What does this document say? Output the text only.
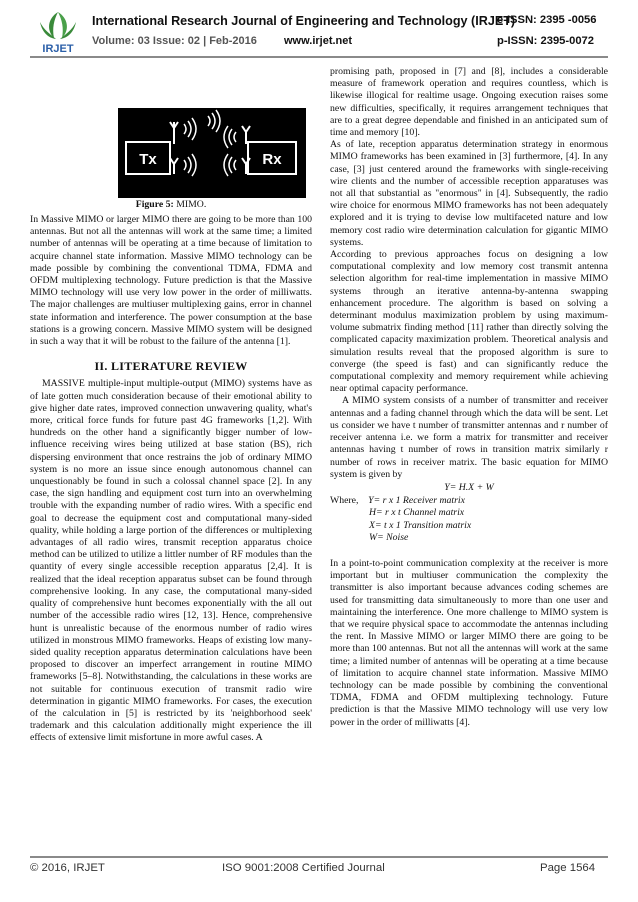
IRJET
International Research Journal of Engineering and Technology (IRJET)
e-ISSN: 2395 -0056
Volume: 03 Issue: 02 | Feb-2016 www.irjet.net	p-ISSN: 2395-0072
Tx	Rx
Figure 5: MIMO.

In Massive MIMO or larger MIMO there are going to be more than 100 antennas. But not all the antennas will work at the same time; a limited number of antennas will be operating at a time because of limitation to acquire channel state information. Massive MIMO technology can be made possible by combining the conventional TDMA, FDMA and OFDM multiplexing technology. Future prediction is that the Massive MIMO technology will use very low power in the order of milliwatts. The major challenges are multiuser multiplexing gains, error in channel state information and interference. The power consumption at the base stations is a growing concern. Massive MIMO system will be designed in such a way that it will be robust to the failure of the antenna [1].

II. LITERATURE REVIEW

MASSIVE multiple-input multiple-output (MIMO) systems have as of late gotten much consideration because of their emotional ability to give higher date rates, improved connection unwavering quality, what's more, critical force funds for future past 4G frameworks [1,2]. With hundreds on the other hand a significantly bigger number of low-influence receiving wires being utilized at base station (BS), rich dispersing environment that once restrains the job of ordinary MIMO system is no more an issue since enough autonomous channel can unquestionably be found in such a colossal channel space [2]. In any case, the sign handling and equipment cost turn into an overwhelming trouble with the expanding number of radio wires. With a specific end goal to decrease the equipment cost and computational many-sided quality, while holding a large portion of the differences or multiplexing advantages of all radio wires, transmit reception apparatus choice method can be utilized to utilize a littler number of RF modules than the quantity of every single accessible reception apparatus [2,4]. It is realized that the ideal reception apparatus subset can be found through comprehensive looking. In any case, the computational many-sided quality of comprehensive hunt becomes exponentially with the all out number of the accessible radio wires [12, 13]. Hence, comprehensive hunt is unrealistic because of the enormous number of radio wires utilized in monstrous MIMO frameworks. Heaps of existing low many-sided quality reception apparatus determination calculations have been proposed to discover an imperfect arrangement in routine MIMO frameworks [5–8]. Notwithstanding, the calculations in these works are not suitable for continuous execution of transmit radio wire determination in gigantic MIMO frameworks. For cases, the execution of the calculation in [5] is restricted by its 'neighborhood seek' trademark and this calculation additionally might experience the ill effects of extensive limit misfortune in more awful cases. A

promising path, proposed in [7] and [8], includes a considerable measure of framework operation and requires countless, which is likewise illogical for realtime usage. Ongoing execution raises some new difficulties, specifically, it requires arrangement techniques that are to a great degree dependable and finished in an anticipated sum of time and memory [10].

As of late, reception apparatus determination strategy in enormous MIMO frameworks has been examined in [3] furthermore, [4]. In any case, [3] just centered around the frameworks with single-receiving wire clients and the number of accessible reception apparatuses was not all that substantial as "enormous" in [4]. Subsequently, the radio wire choice for enormous MIMO frameworks has not been adequately explored and it is trying to devise low multifaceted nature and low memory cost radio wire determination calculation for gigantic MIMO systems.

According to previous approaches focus on designing a low computational complexity and low memory cost transmit antenna selection algorithm for real-time implementation in massive MIMO systems through an iterative antenna-by-antenna swapping enhancement procedure. The algorithm is based on solving a determinant modulus maximization problem by using maximum-volume submatrix finding method [11] rather than directly solving the complicated capacity maximization problem. Theoretical analysis and simulation results reveal that the proposed algorithm is sure to converge (the speed is fast) and can significantly reduce the computational complexity and memory requirement while achieving near optimal capacity performance.

A MIMO system consists of a number of transmitter and receiver antennas and a fading channel through which the data will be sent. Let us consider we have t number of transmitter antennas and r number of receiver antenna i.e. we form a matrix for transmitter and receiver antennas having t number of rows in transition matrix similarly r number of rows in receiver matrix. The basic equation for MIMO system is given by

Y= H.X + W
Where, Y= r x 1 Receiver matrix
H= r x t Channel matrix
X= t x 1 Transition matrix
W= Noise

In a point-to-point communication complexity at the receiver is more important but in multiuser communication the complexity the transmitter is also important because advances coding schemes are used for transmitting data simultaneously to more than one user and maintaining the interference. One more challenge to MIMO system is that we require physical space to accommodate the antennas including the rent. In Massive MIMO or larger MIMO there are going to be more than 100 antennas. But not all the antennas will work at the same time; a limited number of antennas will be operating at a time because of limitation to acquire channel state information. Massive MIMO technology can be made possible by combining the conventional TDMA, FDMA and OFDM multiplexing technology. Future prediction is that the Massive MIMO technology will use very low power in the order of milliwatts [4].

© 2016, IRJET	ISO 9001:2008 Certified Journal	Page 1564
